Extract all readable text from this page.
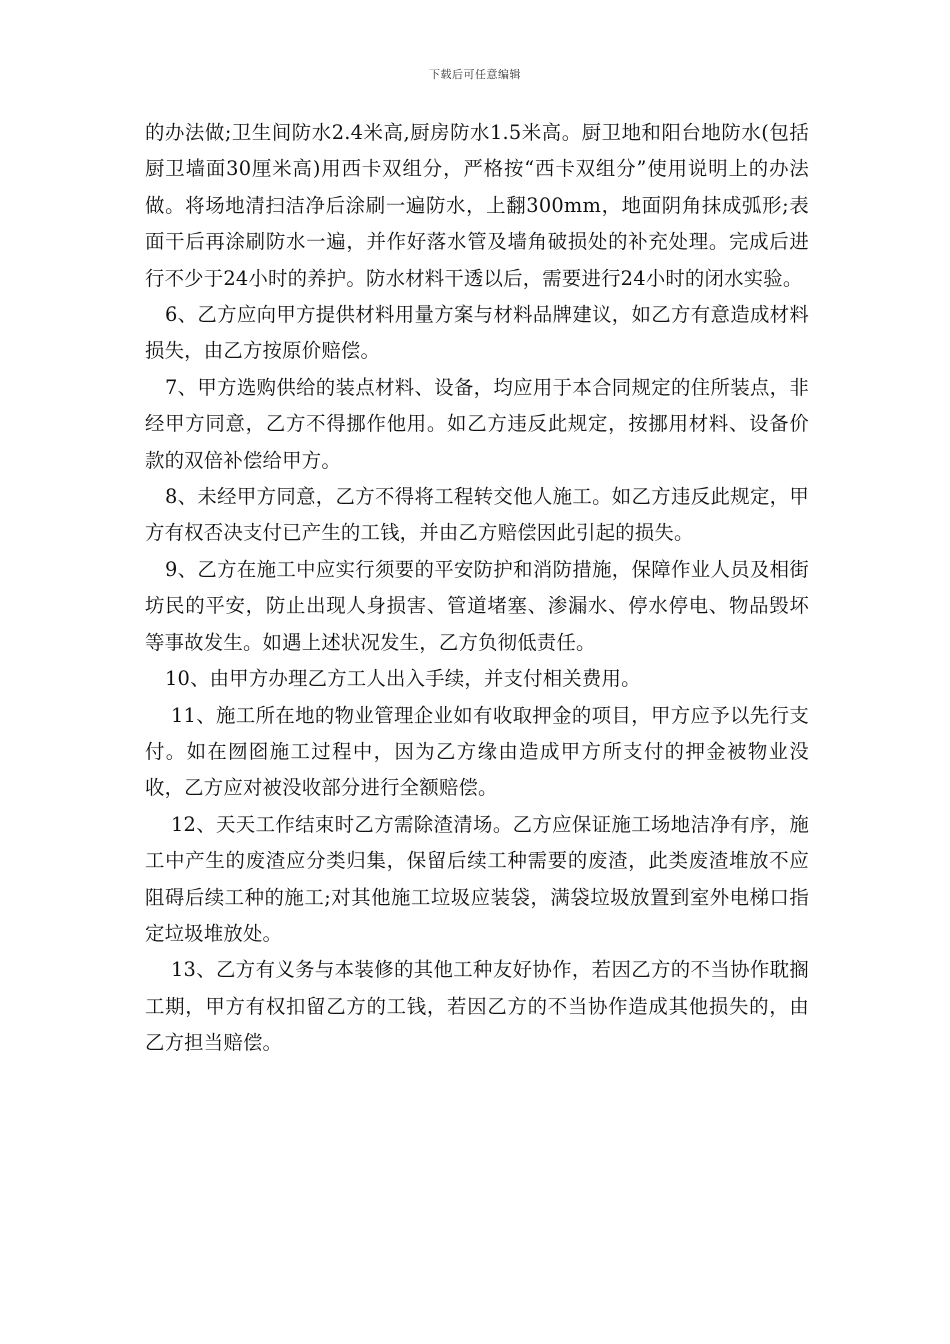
下载后可任意编辑

的办法做;卫生间防水2.4米高,厨房防水1.5米高。厨卫地和阳台地防水(包括厨卫墙面30厘米高)用西卡双组分，严格按“西卡双组分”使用说明上的办法做。将场地清扫洁净后涂刷一遍防水，上翻300mm，地面阴角抹成弧形;表面干后再涂刷防水一遍，并作好落水管及墙角破损处的补充处理。完成后进行不少于24小时的养护。防水材料干透以后，需要进行24小时的闭水实验。

6、乙方应向甲方提供材料用量方案与材料品牌建议，如乙方有意造成材料损失，由乙方按原价赔偿。

7、甲方选购供给的装点材料、设备，均应用于本合同规定的住所装点，非经甲方同意，乙方不得挪作他用。如乙方违反此规定，按挪用材料、设备价款的双倍补偿给甲方。

8、未经甲方同意，乙方不得将工程转交他人施工。如乙方违反此规定，甲方有权否决支付已产生的工钱，并由乙方赔偿因此引起的损失。

9、乙方在施工中应实行须要的平安防护和消防措施，保障作业人员及相街坊民的平安，防止出现人身损害、管道堵塞、渗漏水、停水停电、物品毁坏等事故发生。如遇上述状况发生，乙方负彻低责任。

10、由甲方办理乙方工人出入手续，并支付相关费用。

11、施工所在地的物业管理企业如有收取押金的项目，甲方应予以先行支付。如在囫囵施工过程中，因为乙方缘由造成甲方所支付的押金被物业没收，乙方应对被没收部分进行全额赔偿。

12、天天工作结束时乙方需除渣清场。乙方应保证施工场地洁净有序，施工中产生的废渣应分类归集，保留后续工种需要的废渣，此类废渣堆放不应阻碍后续工种的施工;对其他施工垃圾应装袋，满袋垃圾放置到室外电梯口指定垃圾堆放处。

13、乙方有义务与本装修的其他工种友好协作，若因乙方的不当协作耽搁工期，甲方有权扣留乙方的工钱，若因乙方的不当协作造成其他损失的，由乙方担当赔偿。
